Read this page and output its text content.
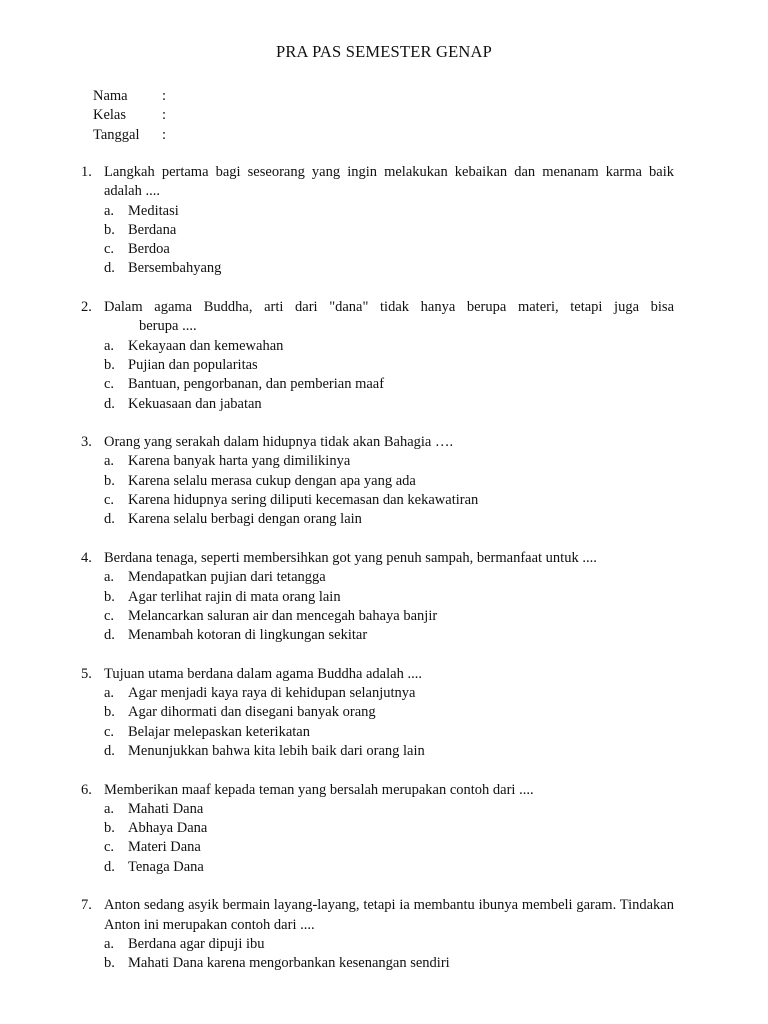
PRA PAS SEMESTER GENAP
Nama	:
Kelas	:
Tanggal	:
1. Langkah pertama bagi seseorang yang ingin melakukan kebaikan dan menanam karma baik adalah ....
a. Meditasi
b. Berdana
c. Berdoa
d. Bersembahyang
2. Dalam agama Buddha, arti dari "dana" tidak hanya berupa materi, tetapi juga bisa
berupa ....
a. Kekayaan dan kemewahan
b. Pujian dan popularitas
c. Bantuan, pengorbanan, dan pemberian maaf
d. Kekuasaan dan jabatan
3. Orang yang serakah dalam hidupnya tidak akan Bahagia ….
a. Karena banyak harta yang dimilikinya
b. Karena selalu merasa cukup dengan apa yang ada
c. Karena hidupnya sering diliputi kecemasan dan kekawatiran
d. Karena selalu berbagi dengan orang lain
4. Berdana tenaga, seperti membersihkan got yang penuh sampah, bermanfaat untuk ....
a. Mendapatkan pujian dari tetangga
b. Agar terlihat rajin di mata orang lain
c. Melancarkan saluran air dan mencegah bahaya banjir
d. Menambah kotoran di lingkungan sekitar
5. Tujuan utama berdana dalam agama Buddha adalah ....
a. Agar menjadi kaya raya di kehidupan selanjutnya
b. Agar dihormati dan disegani banyak orang
c. Belajar melepaskan keterikatan
d. Menunjukkan bahwa kita lebih baik dari orang lain
6. Memberikan maaf kepada teman yang bersalah merupakan contoh dari ....
a. Mahati Dana
b. Abhaya Dana
c. Materi Dana
d. Tenaga Dana
7. Anton sedang asyik bermain layang-layang, tetapi ia membantu ibunya membeli garam. Tindakan Anton ini merupakan contoh dari ....
a. Berdana agar dipuji ibu
b. Mahati Dana karena mengorbankan kesenangan sendiri
